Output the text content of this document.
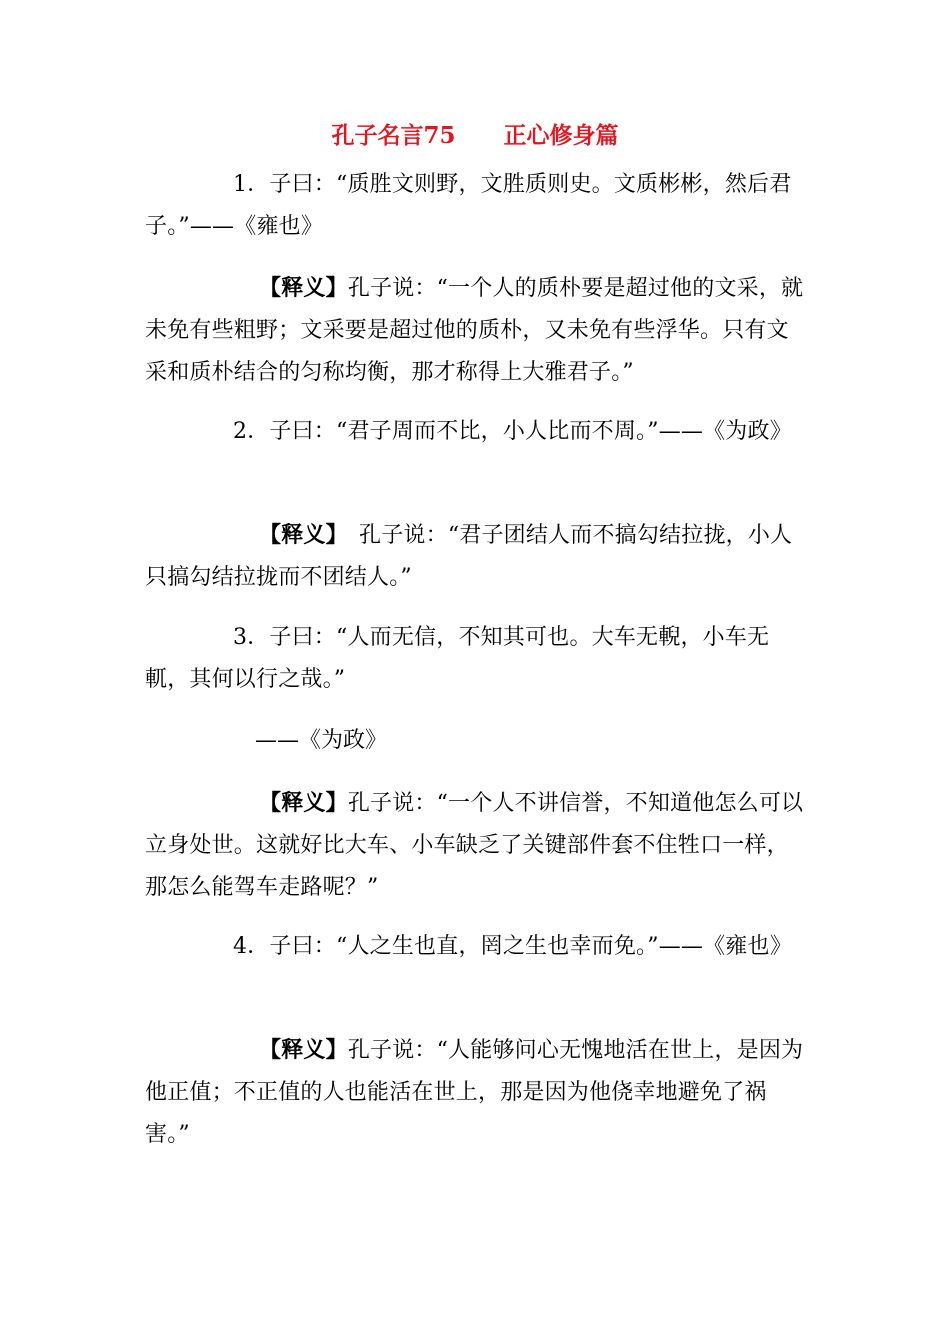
孔子名言75      正心修身篇
1．子曰：“质胜文则野，文胜质则史。文质彬彬，然后君子。”——《雍也》
【释义】孔子说：“一个人的质朴要是超过他的文采，就未免有些粗野；文采要是超过他的质朴，又未免有些浮华。只有文采和质朴结合的匀称均衡，那才称得上大雅君子。”
2．子曰：“君子周而不比，小人比而不周。”——《为政》
【释义】　孔子说：“君子团结人而不搞勾结拉拢，小人只搞勾结拉拢而不团结人。”
3．子曰：“人而无信，不知其可也。大车无輗，小车无軏，其何以行之哉。”
——《为政》
【释义】孔子说：“一个人不讲信誉，不知道他怎么可以立身处世。这就好比大车、小车缺乏了关键部件套不住牲口一样，那怎么能驾车走路呢？”
4．子曰：“人之生也直，罔之生也幸而免。”——《雍也》
【释义】孔子说：“人能够问心无愧地活在世上，是因为他正值；不正值的人也能活在世上，那是因为他侥幸地避免了祸害。”
